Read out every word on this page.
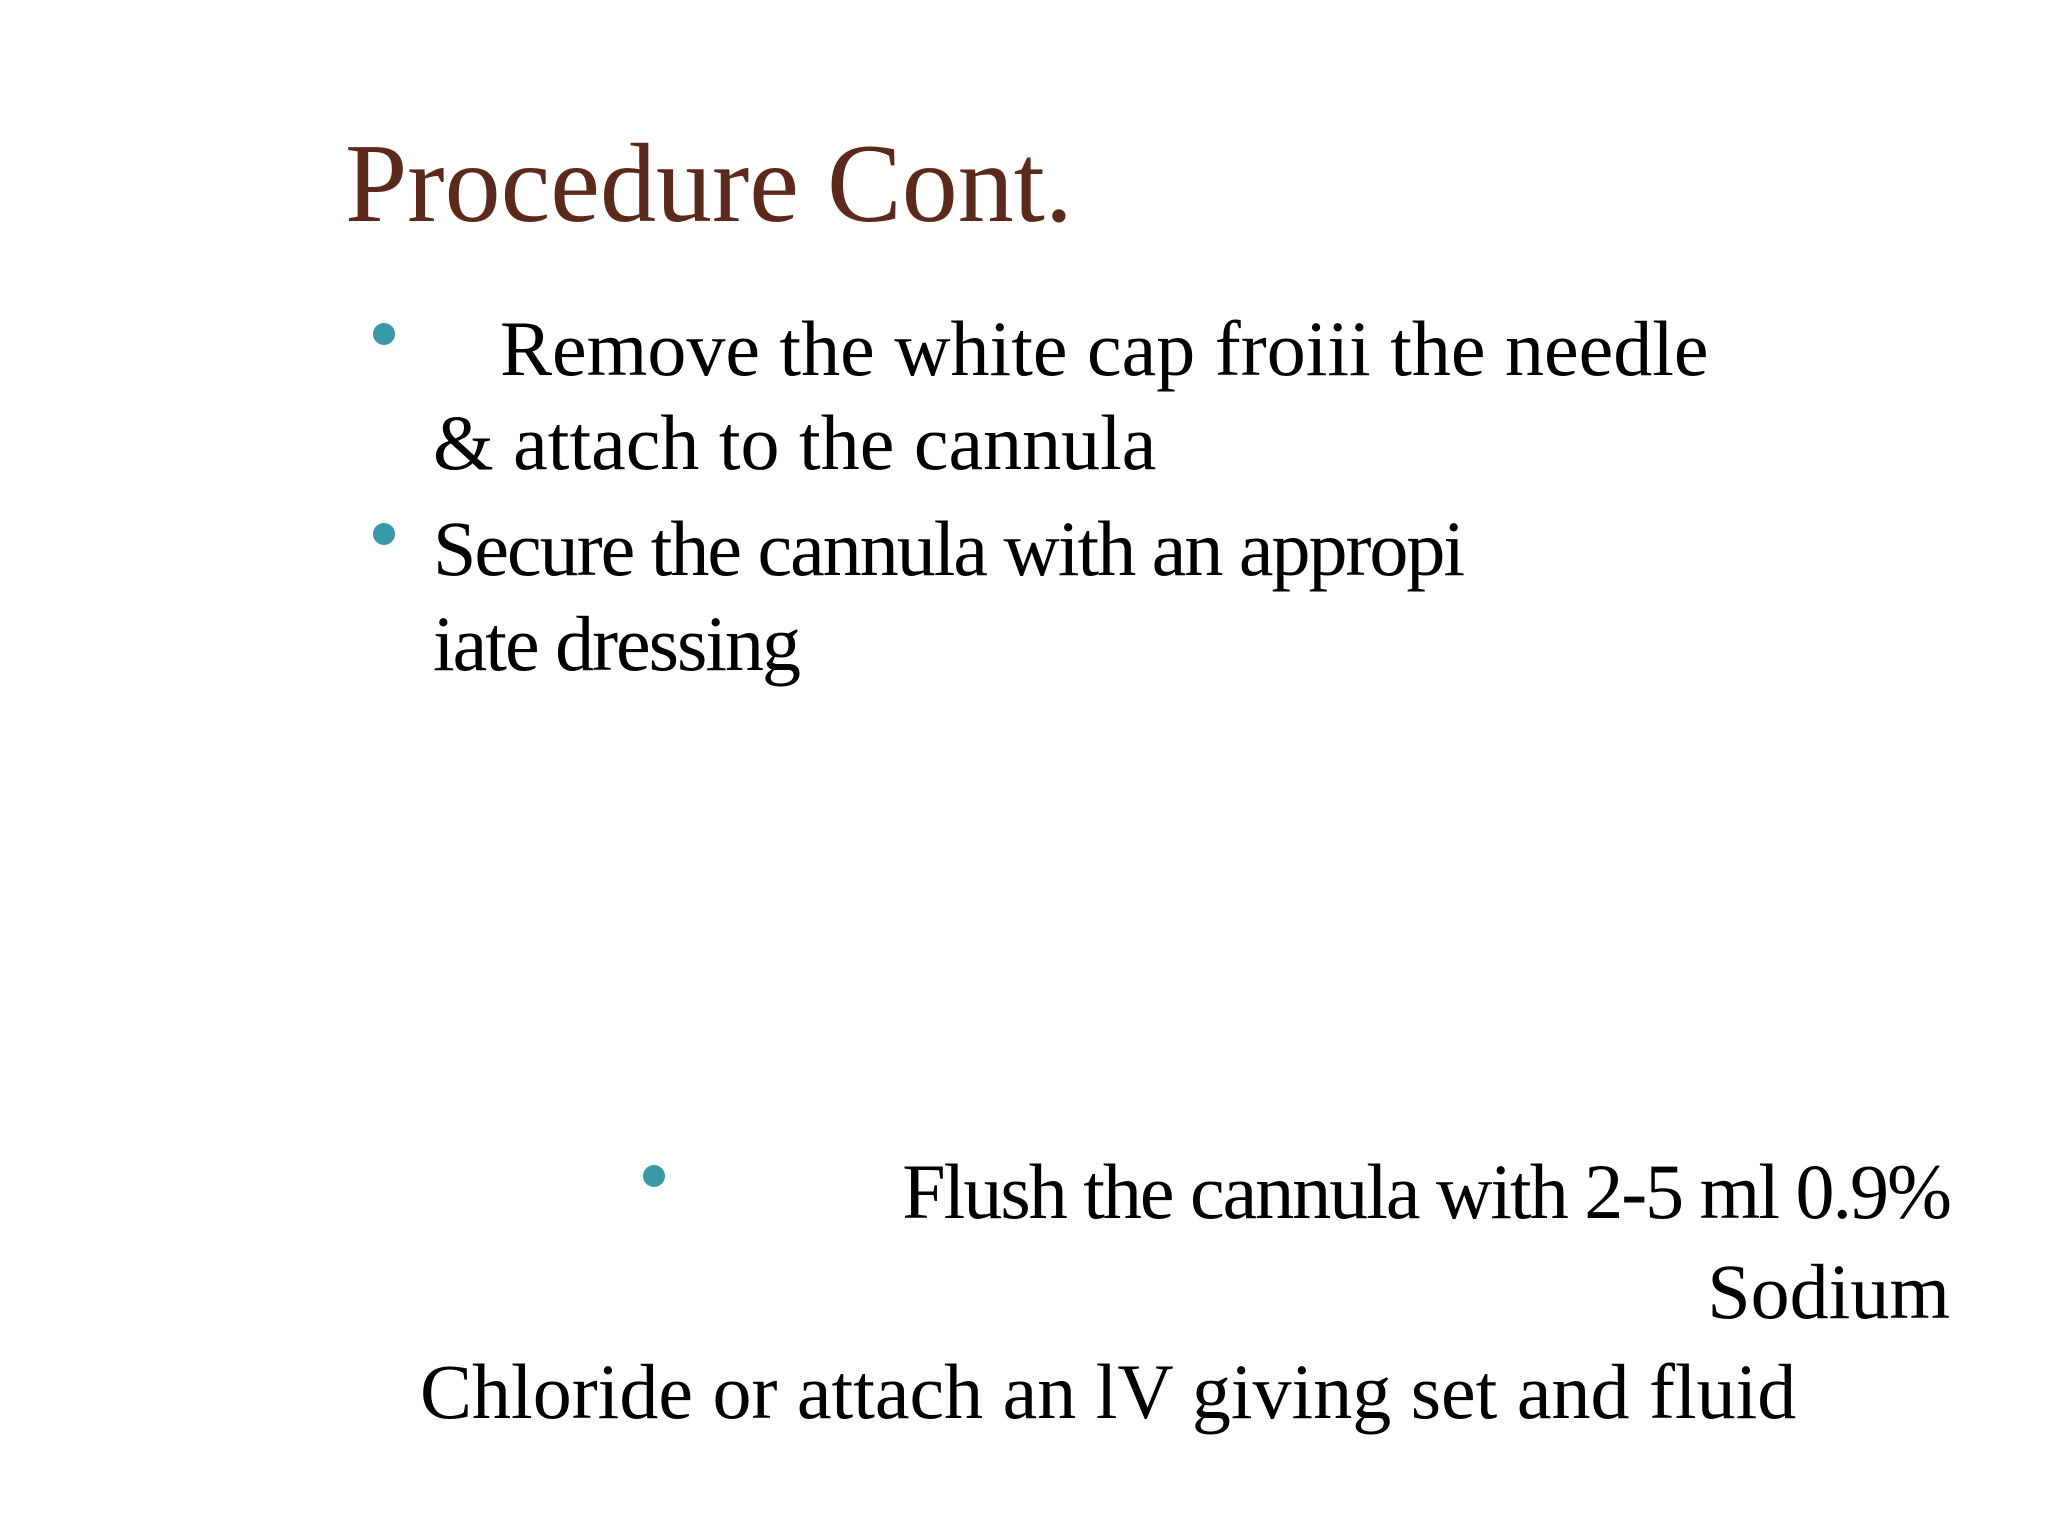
Procedure Cont.
Remove the white cap froiii the needle
& attach to the cannula
Secure the cannula with an appropi
iate dressing
Flush the cannula with 2-5 ml 0.9%
Sodium
Chloride or attach an lV giving set and fluid
